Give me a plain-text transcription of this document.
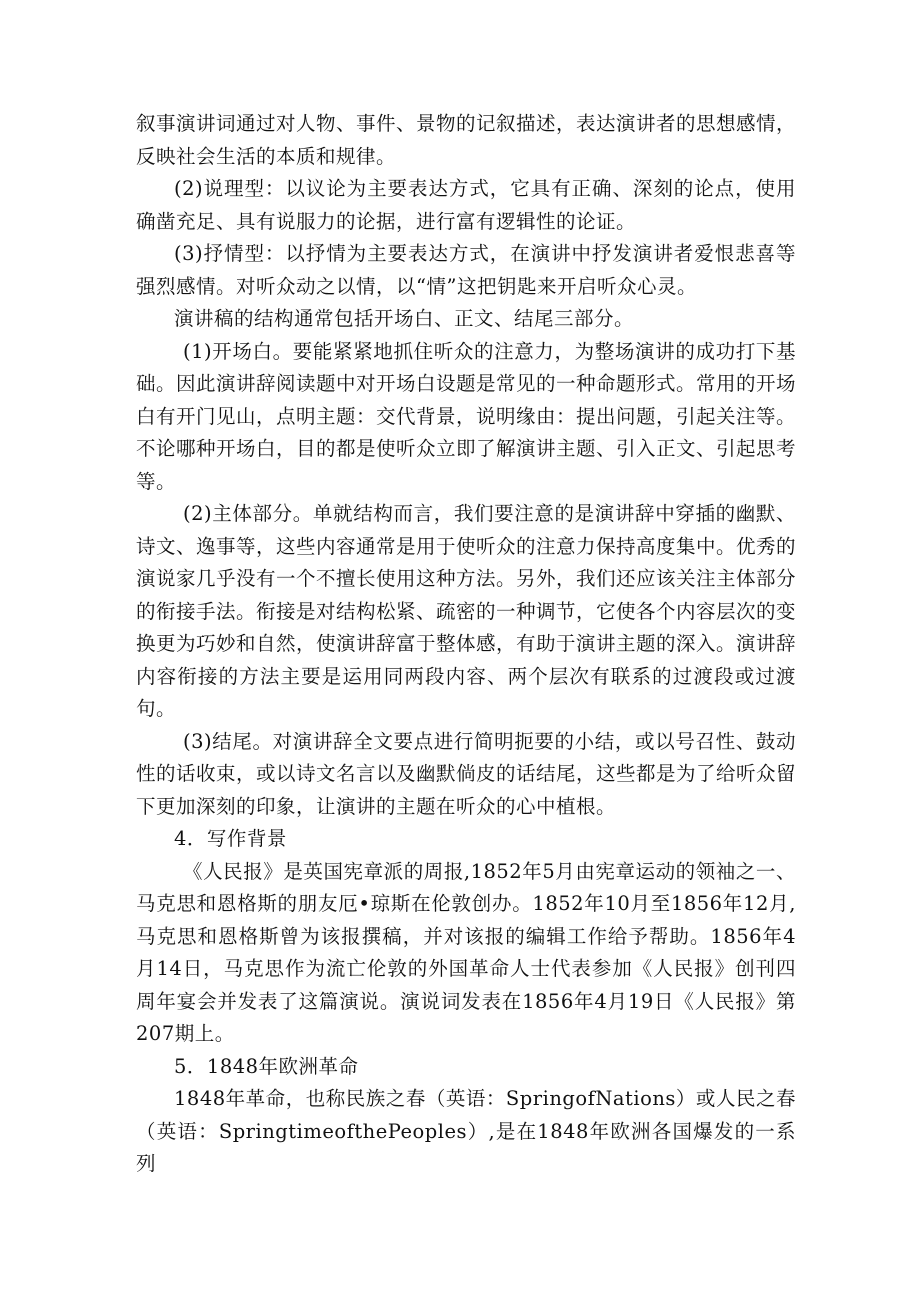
叙事演讲词通过对人物、事件、景物的记叙描述，表达演讲者的思想感情，反映社会生活的本质和规律。

(2)说理型：以议论为主要表达方式，它具有正确、深刻的论点，使用确凿充足、具有说服力的论据，进行富有逻辑性的论证。

(3)抒情型：以抒情为主要表达方式，在演讲中抒发演讲者爱恨悲喜等强烈感情。对听众动之以情，以“情”这把钥匙来开启听众心灵。

演讲稿的结构通常包括开场白、正文、结尾三部分。

(1)开场白。要能紧紧地抓住听众的注意力，为整场演讲的成功打下基础。因此演讲辞阅读题中对开场白设题是常见的一种命题形式。常用的开场白有开门见山，点明主题：交代背景，说明缘由：提出问题，引起关注等。不论哪种开场白，目的都是使听众立即了解演讲主题、引入正文、引起思考等。

(2)主体部分。单就结构而言，我们要注意的是演讲辞中穿插的幽默、诗文、逸事等，这些内容通常是用于使听众的注意力保持高度集中。优秀的演说家几乎没有一个不擅长使用这种方法。另外，我们还应该关注主体部分的衔接手法。衔接是对结构松紧、疏密的一种调节，它使各个内容层次的变换更为巧妙和自然，使演讲辞富于整体感，有助于演讲主题的深入。演讲辞内容衔接的方法主要是运用同两段内容、两个层次有联系的过渡段或过渡句。

(3)结尾。对演讲辞全文要点进行简明扼要的小结，或以号召性、鼓动性的话收束，或以诗文名言以及幽默倘皮的话结尾，这些都是为了给听众留下更加深刻的印象，让演讲的主题在听众的心中植根。

4．写作背景

《人民报》是英国宪章派的周报,1852年5月由宪章运动的领袖之一、马克思和恩格斯的朋友厄•琼斯在伦敦创办。1852年10月至1856年12月,马克思和恩格斯曾为该报撰稿，并对该报的编辑工作给予帮助。1856年4月14日，马克思作为流亡伦敦的外国革命人士代表参加《人民报》创刊四周年宴会并发表了这篇演说。演说词发表在1856年4月19日《人民报》第207期上。

5．1848年欧洲革命

1848年革命，也称民族之春（英语：SpringofNations）或人民之春（英语：SpringtimeofthePeoples）,是在1848年欧洲各国爆发的一系列
